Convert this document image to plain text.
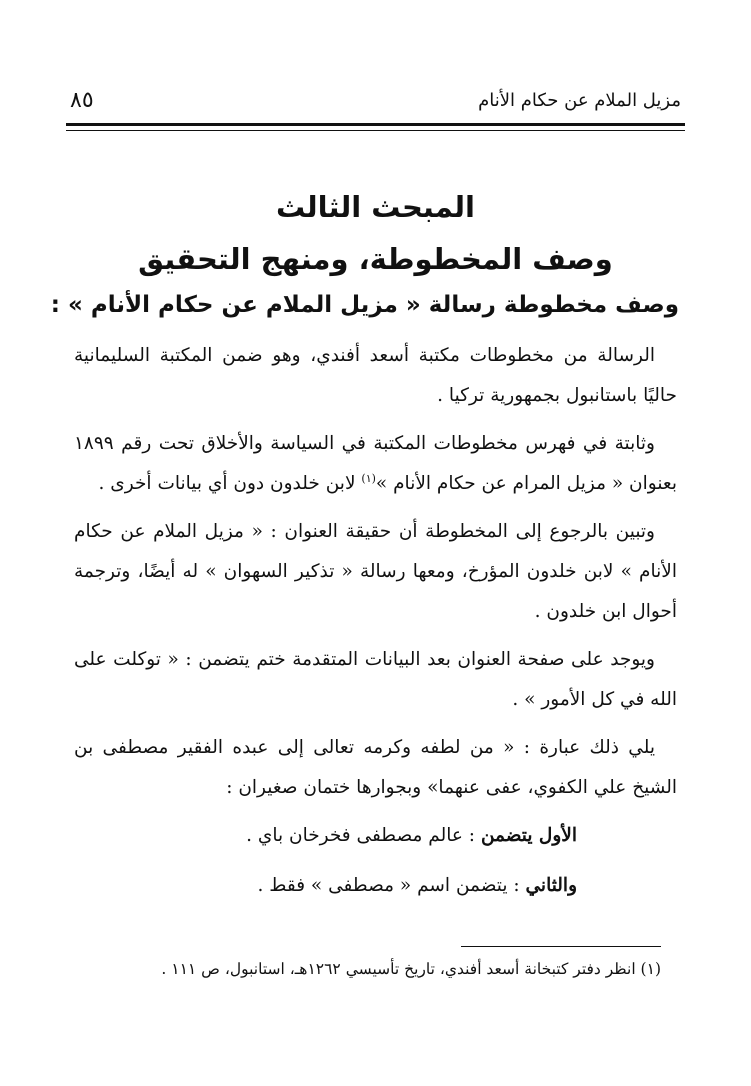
مزيل الملام عن حكام الأنام
٨٥
المبحث الثالث
وصف المخطوطة، ومنهج التحقيق
وصف مخطوطة رسالة « مزيل الملام عن حكام الأنام » :

الرسالة من مخطوطات مكتبة أسعد أفندي، وهو ضمن المكتبة السليمانية حاليًا باستانبول بجمهورية تركيا .

وثابتة في فهرس مخطوطات المكتبة في السياسة والأخلاق تحت رقم ١٨٩٩ بعنوان « مزيل المرام عن حكام الأنام »$^{(١)}$ لابن خلدون دون أي بيانات أخرى .

وتبين بالرجوع إلى المخطوطة أن حقيقة العنوان : « مزيل الملام عن حكام الأنام » لابن خلدون المؤرخ، ومعها رسالة « تذكير السهوان » له أيضًا، وترجمة أحوال ابن خلدون .

ويوجد على صفحة العنوان بعد البيانات المتقدمة ختم يتضمن : « توكلت على الله في كل الأمور » .

يلي ذلك عبارة : « من لطفه وكرمه تعالى إلى عبده الفقير مصطفى بن الشيخ علي الكفوي، عفى عنهما» وبجوارها ختمان صغيران :

الأول يتضمن : عالم مصطفى فخرخان باي .

والثاني : يتضمن اسم « مصطفى » فقط .

(١) انظر دفتر كتبخانة أسعد أفندي، تاريخ تأسيسي ١٢٦٢هـ، استانبول، ص ١١١ .
